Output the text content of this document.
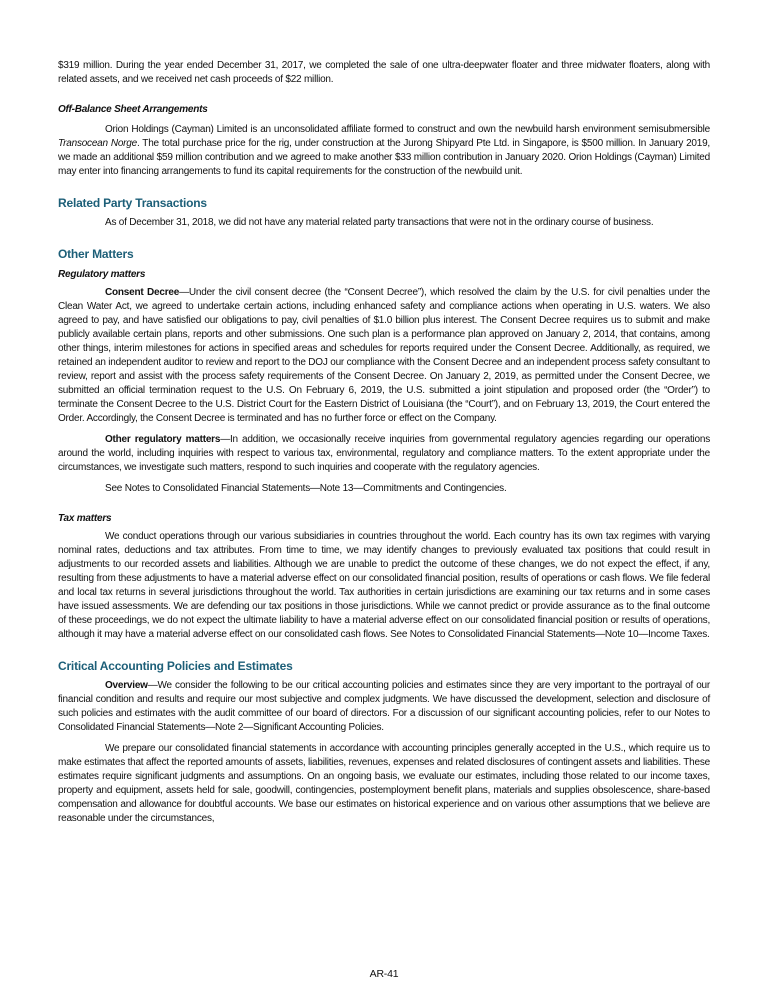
$319 million. During the year ended December 31, 2017, we completed the sale of one ultra-deepwater floater and three midwater floaters, along with related assets, and we received net cash proceeds of $22 million.

Off-Balance Sheet Arrangements

Orion Holdings (Cayman) Limited is an unconsolidated affiliate formed to construct and own the newbuild harsh environment semisubmersible Transocean Norge. The total purchase price for the rig, under construction at the Jurong Shipyard Pte Ltd. in Singapore, is $500 million. In January 2019, we made an additional $59 million contribution and we agreed to make another $33 million contribution in January 2020. Orion Holdings (Cayman) Limited may enter into financing arrangements to fund its capital requirements for the construction of the newbuild unit.

Related Party Transactions

As of December 31, 2018, we did not have any material related party transactions that were not in the ordinary course of business.

Other Matters

Regulatory matters

Consent Decree—Under the civil consent decree (the “Consent Decree”), which resolved the claim by the U.S. for civil penalties under the Clean Water Act, we agreed to undertake certain actions, including enhanced safety and compliance actions when operating in U.S. waters. We also agreed to pay, and have satisfied our obligations to pay, civil penalties of $1.0 billion plus interest. The Consent Decree requires us to submit and make publicly available certain plans, reports and other submissions. One such plan is a performance plan approved on January 2, 2014, that contains, among other things, interim milestones for actions in specified areas and schedules for reports required under the Consent Decree. Additionally, as required, we retained an independent auditor to review and report to the DOJ our compliance with the Consent Decree and an independent process safety consultant to review, report and assist with the process safety requirements of the Consent Decree. On January 2, 2019, as permitted under the Consent Decree, we submitted an official termination request to the U.S. On February 6, 2019, the U.S. submitted a joint stipulation and proposed order (the “Order”) to terminate the Consent Decree to the U.S. District Court for the Eastern District of Louisiana (the “Court”), and on February 13, 2019, the Court entered the Order. Accordingly, the Consent Decree is terminated and has no further force or effect on the Company.

Other regulatory matters—In addition, we occasionally receive inquiries from governmental regulatory agencies regarding our operations around the world, including inquiries with respect to various tax, environmental, regulatory and compliance matters. To the extent appropriate under the circumstances, we investigate such matters, respond to such inquiries and cooperate with the regulatory agencies.

See Notes to Consolidated Financial Statements—Note 13—Commitments and Contingencies.

Tax matters

We conduct operations through our various subsidiaries in countries throughout the world. Each country has its own tax regimes with varying nominal rates, deductions and tax attributes. From time to time, we may identify changes to previously evaluated tax positions that could result in adjustments to our recorded assets and liabilities. Although we are unable to predict the outcome of these changes, we do not expect the effect, if any, resulting from these adjustments to have a material adverse effect on our consolidated financial position, results of operations or cash flows. We file federal and local tax returns in several jurisdictions throughout the world. Tax authorities in certain jurisdictions are examining our tax returns and in some cases have issued assessments. We are defending our tax positions in those jurisdictions. While we cannot predict or provide assurance as to the final outcome of these proceedings, we do not expect the ultimate liability to have a material adverse effect on our consolidated financial position or results of operations, although it may have a material adverse effect on our consolidated cash flows. See Notes to Consolidated Financial Statements—Note 10—Income Taxes.

Critical Accounting Policies and Estimates

Overview—We consider the following to be our critical accounting policies and estimates since they are very important to the portrayal of our financial condition and results and require our most subjective and complex judgments. We have discussed the development, selection and disclosure of such policies and estimates with the audit committee of our board of directors. For a discussion of our significant accounting policies, refer to our Notes to Consolidated Financial Statements—Note 2—Significant Accounting Policies.

We prepare our consolidated financial statements in accordance with accounting principles generally accepted in the U.S., which require us to make estimates that affect the reported amounts of assets, liabilities, revenues, expenses and related disclosures of contingent assets and liabilities. These estimates require significant judgments and assumptions. On an ongoing basis, we evaluate our estimates, including those related to our income taxes, property and equipment, assets held for sale, goodwill, contingencies, postemployment benefit plans, materials and supplies obsolescence, share-based compensation and allowance for doubtful accounts. We base our estimates on historical experience and on various other assumptions that we believe are reasonable under the circumstances,

AR-41
